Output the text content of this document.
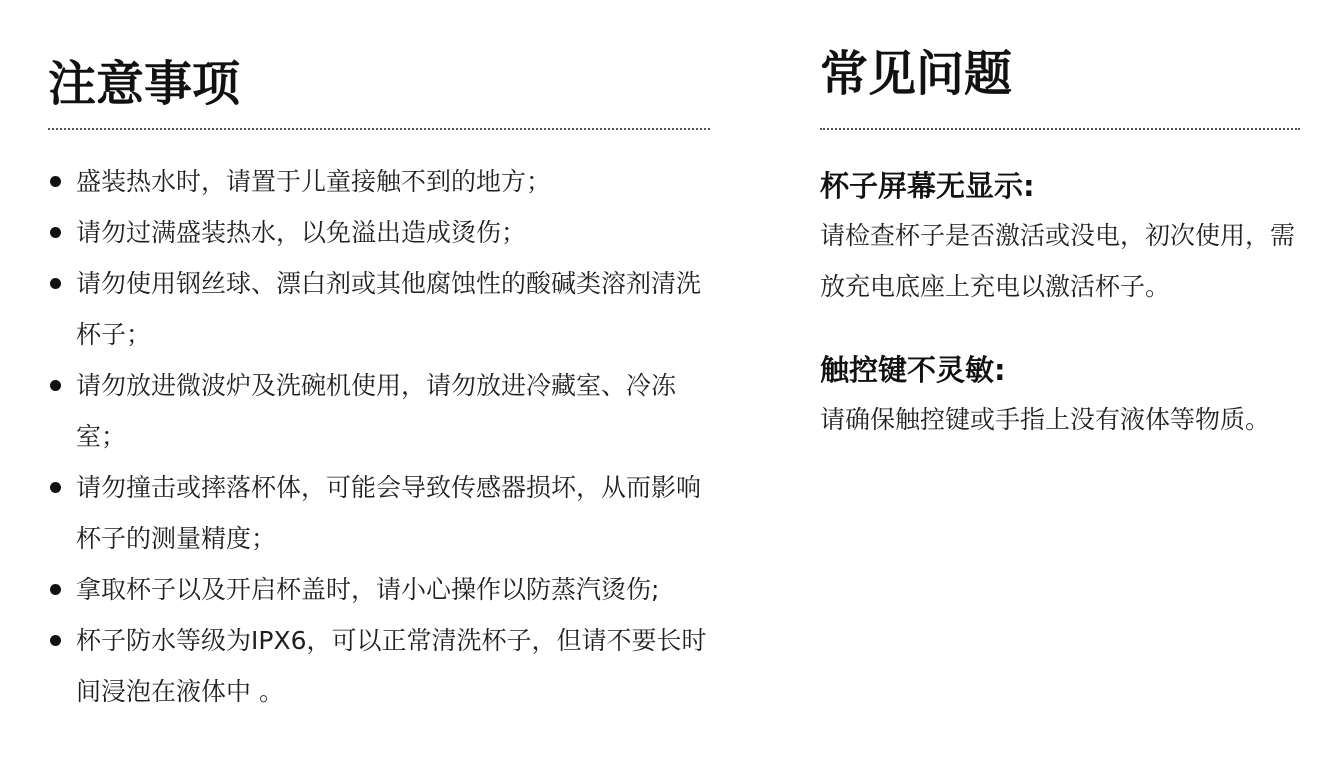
注意事项
盛装热水时，请置于儿童接触不到的地方；
请勿过满盛装热水，以免溢出造成烫伤；
请勿使用钢丝球、漂白剂或其他腐蚀性的酸碱类溶剂清洗杯子；
请勿放进微波炉及洗碗机使用，请勿放进冷藏室、冷冻室；
请勿撞击或摔落杯体，可能会导致传感器损坏，从而影响杯子的测量精度；
拿取杯子以及开启杯盖时，请小心操作以防蒸汽烫伤;
杯子防水等级为IPX6，可以正常清洗杯子，但请不要长时间浸泡在液体中 。
常见问题

杯子屏幕无显示:

请检查杯子是否激活或没电，初次使用，需放充电底座上充电以激活杯子。

触控键不灵敏:

请确保触控键或手指上没有液体等物质。
